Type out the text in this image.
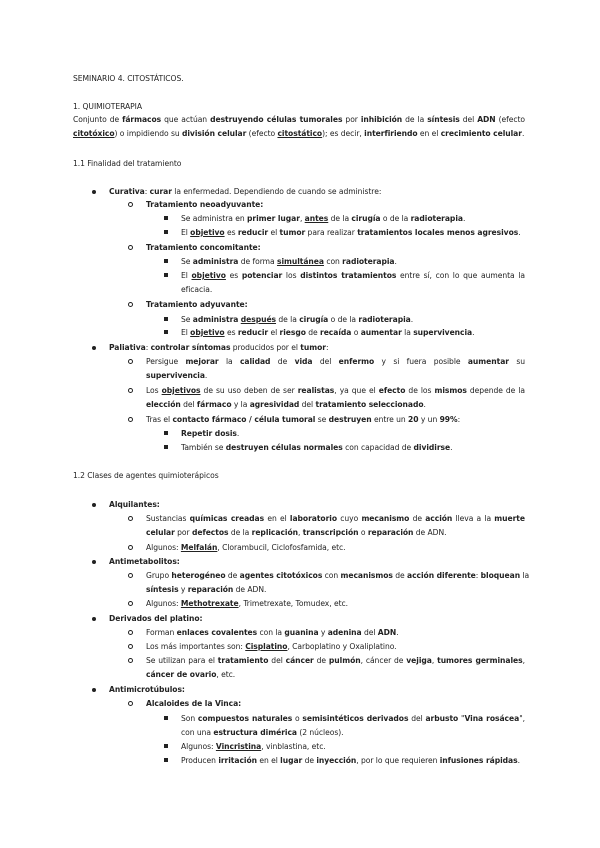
SEMINARIO 4. CITOSTÁTICOS.
1. QUIMIOTERAPIA
Conjunto de fármacos que actúan destruyendo células tumorales por inhibición de la síntesis del ADN (efecto
citotóxico) o impidiendo su división celular (efecto citostático); es decir, interfiriendo en el crecimiento celular.
1.1 Finalidad del tratamiento
Curativa: curar la enfermedad. Dependiendo de cuando se administre:
Tratamiento neoadyuvante:
Se administra en primer lugar, antes de la cirugía o de la radioterapia.
El objetivo es reducir el tumor para realizar tratamientos locales menos agresivos.
Tratamiento concomitante:
Se administra de forma simultánea con radioterapia.
El objetivo es potenciar los distintos tratamientos entre sí, con lo que aumenta la
eficacia.
Tratamiento adyuvante:
Se administra después de la cirugía o de la radioterapia.
El objetivo es reducir el riesgo de recaída o aumentar la supervivencia.
Paliativa: controlar síntomas producidos por el tumor:
Persigue mejorar la calidad de vida del enfermo y si fuera posible aumentar su
supervivencia.
Los objetivos de su uso deben de ser realistas, ya que el efecto de los mismos depende de la
elección del fármaco y la agresividad del tratamiento seleccionado.
Tras el contacto fármaco / célula tumoral se destruyen entre un 20 y un 99%:
Repetir dosis.
También se destruyen células normales con capacidad de dividirse.
1.2 Clases de agentes quimioterápicos
Alquilantes:
Sustancias químicas creadas en el laboratorio cuyo mecanismo de acción lleva a la muerte
celular por defectos de la replicación, transcripción o reparación de ADN.
Algunos: Melfalán, Clorambucil, Ciclofosfamida, etc.
Antimetabolitos:
Grupo heterogéneo de agentes citotóxicos con mecanismos de acción diferente: bloquean la
síntesis y reparación de ADN.
Algunos: Methotrexate, Trimetrexate, Tomudex, etc.
Derivados del platino:
Forman enlaces covalentes con la guanina y adenina del ADN.
Los más importantes son: Cisplatino, Carboplatino y Oxaliplatino.
Se utilizan para el tratamiento del cáncer de pulmón, cáncer de vejiga, tumores germinales,
cáncer de ovario, etc.
Antimicrotúbulos:
Alcaloides de la Vinca:
Son compuestos naturales o semisintéticos derivados del arbusto "Vina rosácea",
con una estructura dimérica (2 núcleos).
Algunos: Vincristina, vinblastina, etc.
Producen irritación en el lugar de inyección, por lo que requieren infusiones rápidas.
